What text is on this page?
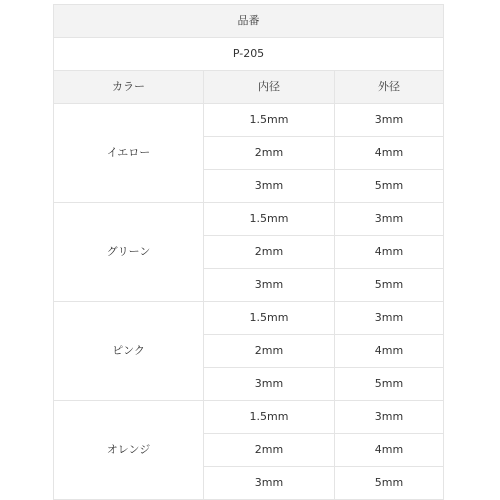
品番		
P-205		
カラー	内径	外径
イエロー	1.5mm	3mm
	2mm	4mm
	3mm	5mm
グリーン	1.5mm	3mm
	2mm	4mm
	3mm	5mm
ピンク	1.5mm	3mm
	2mm	4mm
	3mm	5mm
オレンジ	1.5mm	3mm
	2mm	4mm
	3mm	5mm
